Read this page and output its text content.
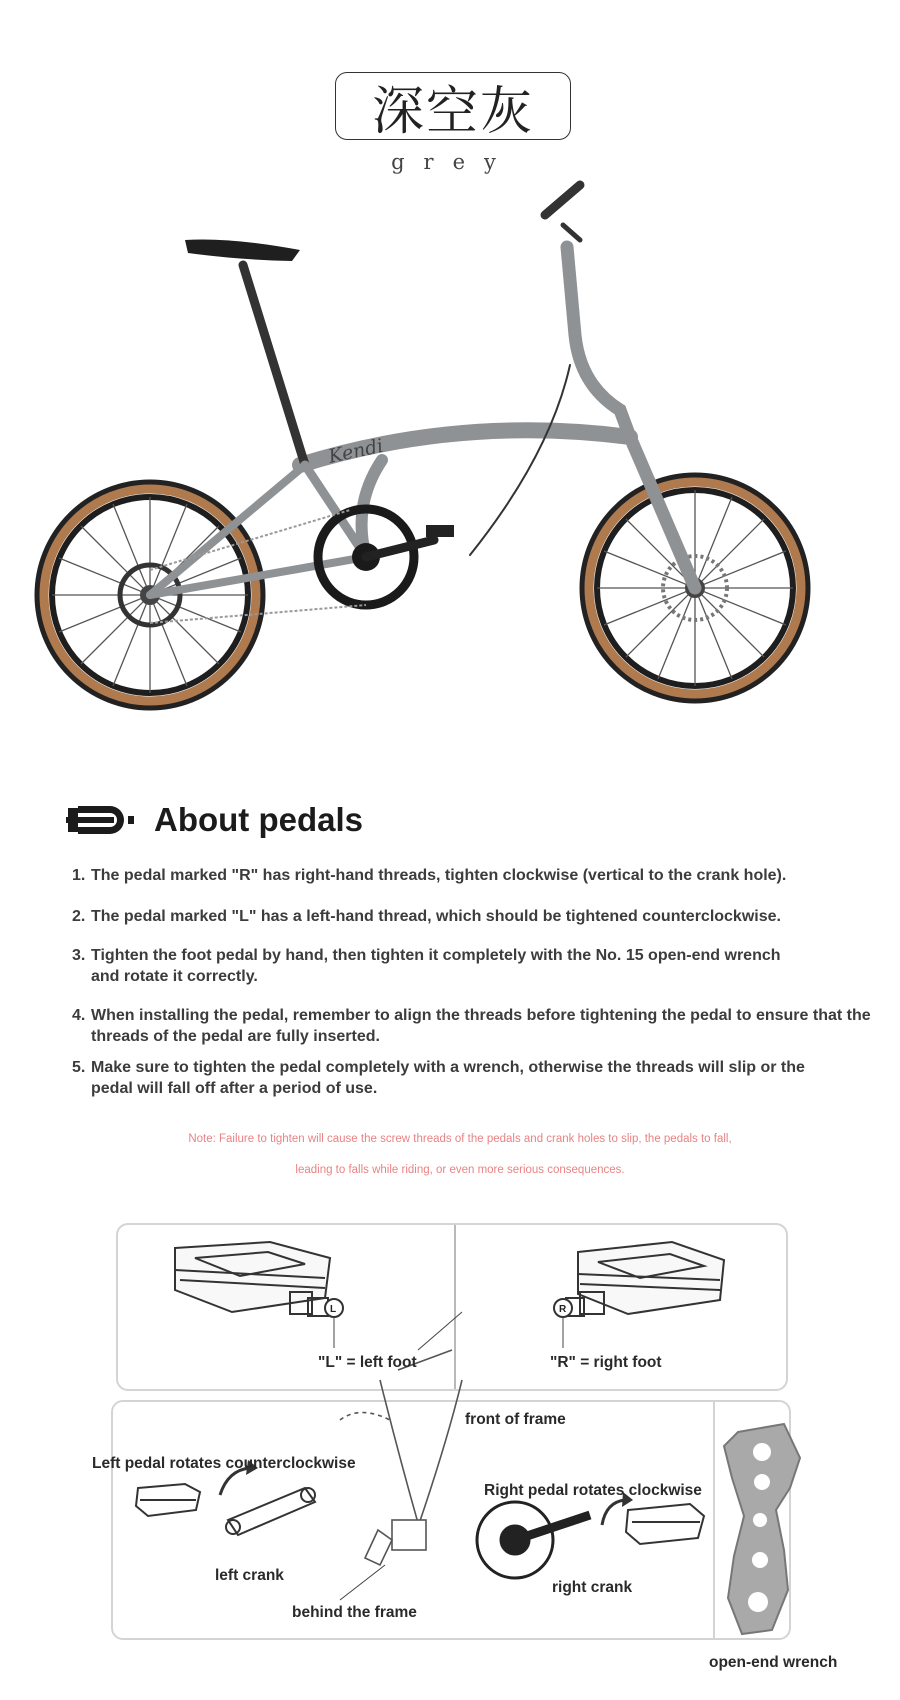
深空灰
grey
Kendi
About pedals
1. The pedal marked "R" has right-hand threads, tighten clockwise (vertical to the crank hole).
2. The pedal marked "L" has a left-hand thread, which should be tightened counterclockwise.
3. Tighten the foot pedal by hand, then tighten it completely with the No. 15 open-end wrench and rotate it correctly.
4. When installing the pedal, remember to align the threads before tightening the pedal to ensure that the threads of the pedal are fully inserted.
5. Make sure to tighten the pedal completely with a wrench, otherwise the threads will slip or the pedal will fall off after a period of use.
Note: Failure to tighten will cause the screw threads of the pedals and crank holes to slip, the pedals to fall,
leading to falls while riding, or even more serious consequences.
L	R
"L" = left foot	"R" = right foot
front of frame
Left pedal rotates counterclockwise
Right pedal rotates clockwise
left crank
right crank
behind the frame
open-end wrench
